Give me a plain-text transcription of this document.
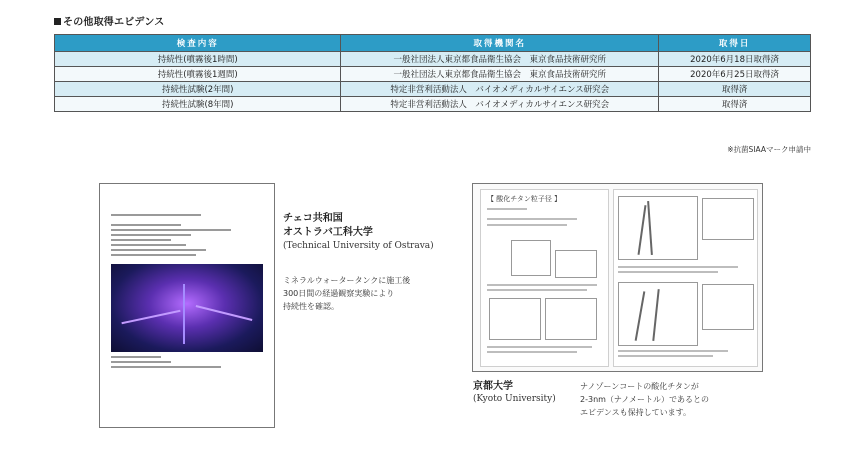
その他取得エビデンス
検査内容	取得機関名	取得日
持続性(噴霧後1時間)	一般社団法人東京都食品衛生協会　東京食品技術研究所	2020年6月18日取得済
持続性(噴霧後1週間)	一般社団法人東京都食品衛生協会　東京食品技術研究所	2020年6月25日取得済
持続性試験(2年間)	特定非営利活動法人　バイオメディカルサイエンス研究会	取得済
持続性試験(8年間)	特定非営利活動法人　バイオメディカルサイエンス研究会	取得済
※抗菌SIAAマーク申請中
チェコ共和国
オストラバ工科大学
(Technical University of Ostrava)
ミネラルウォータータンクに施工後
300日間の経過観察実験により
持続性を確認。
【 酸化チタン粒子径 】
京都大学
(Kyoto University)
ナノゾーンコートの酸化チタンが
2-3nm（ナノメートル）であるとの
エビデンスも保持しています。
